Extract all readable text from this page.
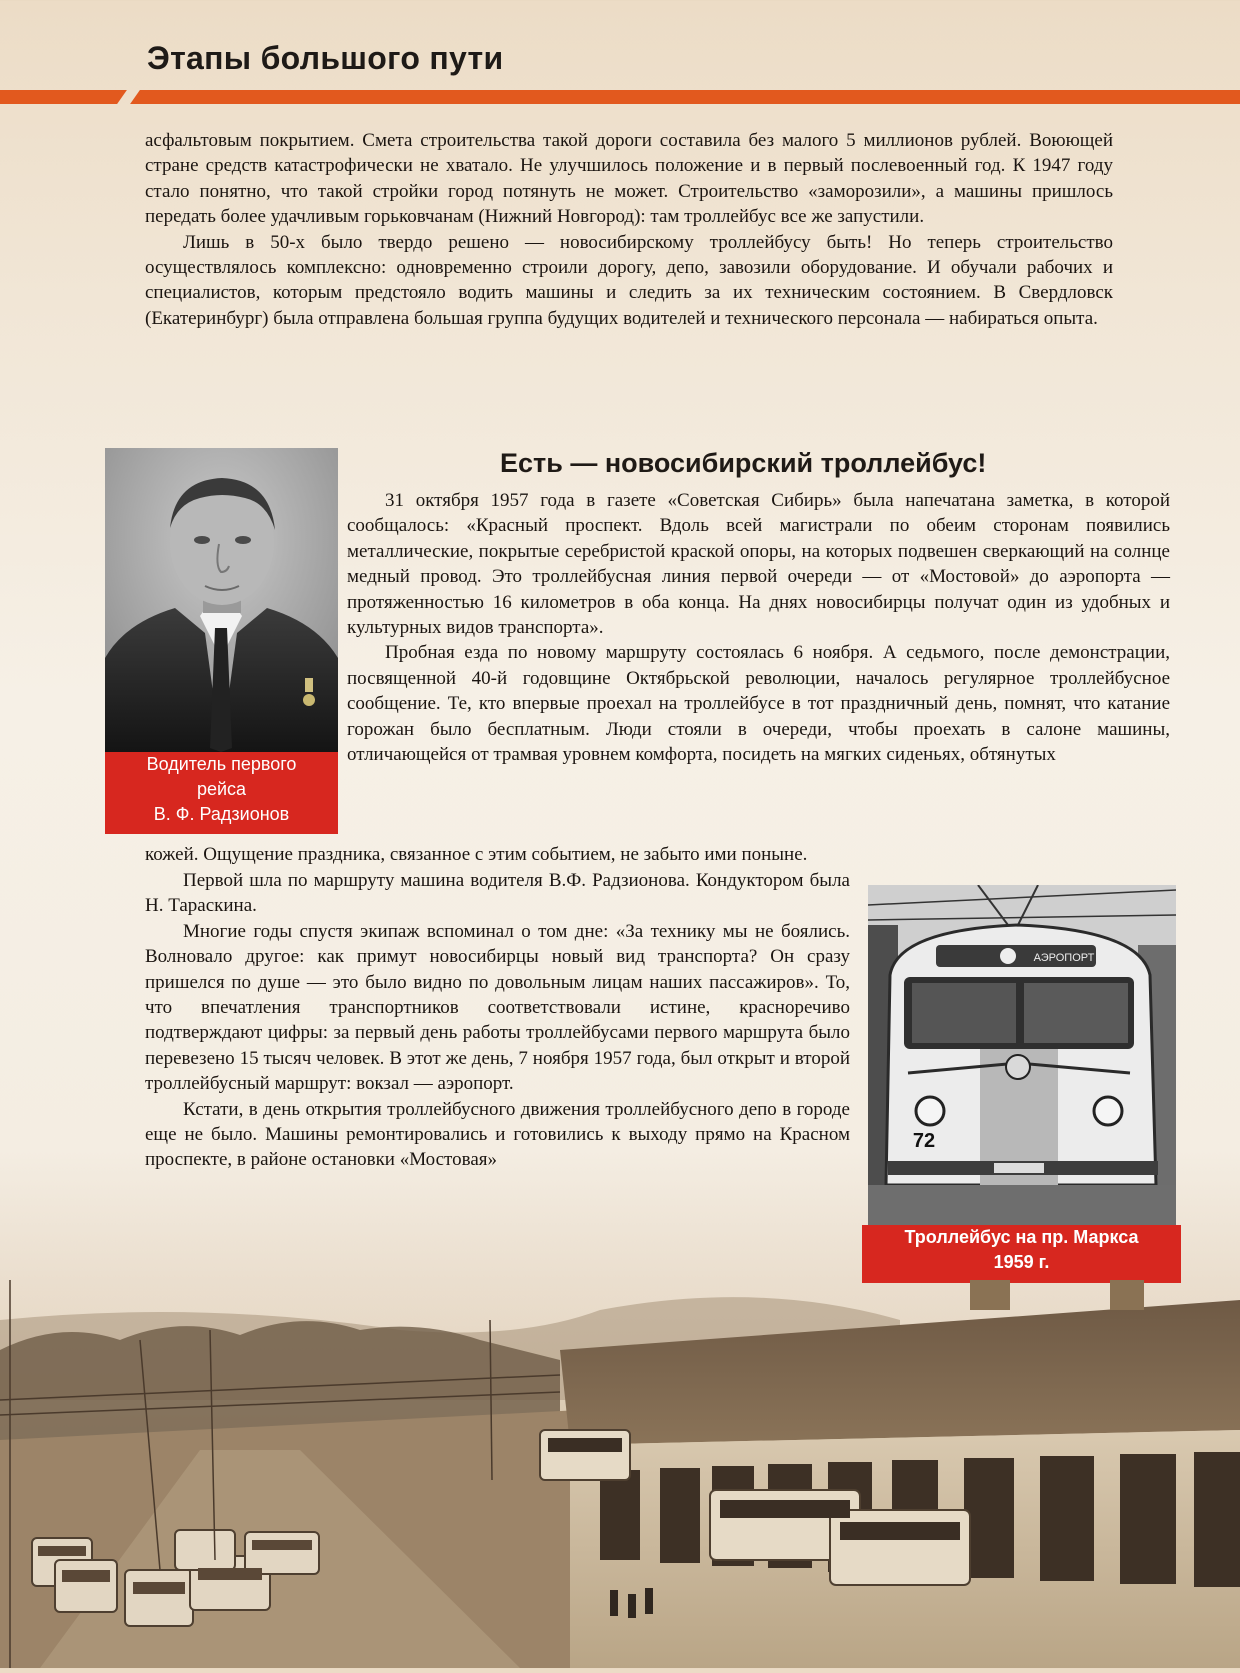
Этапы большого пути

асфальтовым покрытием. Смета строительства такой дороги составила без малого 5 миллионов рублей. Воюющей стране средств катастрофически не хватало. Не улучшилось положение и в первый послевоенный год. К 1947 году стало понятно, что такой стройки город потянуть не может. Строительство «заморозили», а машины пришлось передать более удачливым горьковчанам (Нижний Новгород): там троллейбус все же запустили.

Лишь в 50-х было твердо решено — новосибирскому троллейбусу быть! Но теперь строительство осуществлялось комплексно: одновременно строили дорогу, депо, завозили оборудование. И обучали рабочих и специалистов, которым предстояло водить машины и следить за их техническим состоянием. В Свердловск (Екатеринбург) была отправлена большая группа будущих водителей и технического персонала — набираться опыта.

Водитель первого
рейса
В. Ф. Радзионов
Есть — новосибирский троллейбус!

31 октября 1957 года в газете «Советская Сибирь» была напечатана заметка, в которой сообщалось: «Красный проспект. Вдоль всей магистрали по обеим сторонам появились металлические, покрытые серебристой краской опоры, на которых подвешен сверкающий на солнце медный провод. Это троллейбусная линия первой очереди — от «Мостовой» до аэропорта — протяженностью 16 километров в оба конца. На днях новосибирцы получат один из удобных и культурных видов транспорта».

Пробная езда по новому маршруту состоялась 6 ноября. А седьмого, после демонстрации, посвященной 40-й годовщине Октябрьской революции, началось регулярное троллейбусное сообщение. Те, кто впервые проехал на троллейбусе в тот праздничный день, помнят, что катание горожан было бесплатным. Люди стояли в очереди, чтобы проехать в салоне машины, отличающейся от трамвая уровнем комфорта, посидеть на мягких сиденьях, обтянутых

кожей. Ощущение праздника, связанное с этим событием, не забыто ими поныне.

Первой шла по маршруту машина водителя В.Ф. Радзионова. Кондуктором была Н. Тараскина.

Многие годы спустя экипаж вспоминал о том дне: «За технику мы не боялись. Волновало другое: как примут новосибирцы новый вид транспорта? Он сразу пришелся по душе — это было видно по довольным лицам наших пассажиров». То, что впечатления транспортников соответствовали истине, красноречиво подтверждают цифры: за первый день работы троллейбусами первого маршрута было перевезено 15 тысяч человек. В этот же день, 7 ноября 1957 года, был открыт и второй троллейбусный маршрут: вокзал — аэропорт.

Кстати, в день открытия троллейбусного движения троллейбусного депо в городе еще не было. Машины ремонтировались и готовились к выходу прямо на Красном проспекте, в районе остановки «Мостовая»

АЭРОПОРТ
72
Троллейбус на пр. Маркса
1959 г.
